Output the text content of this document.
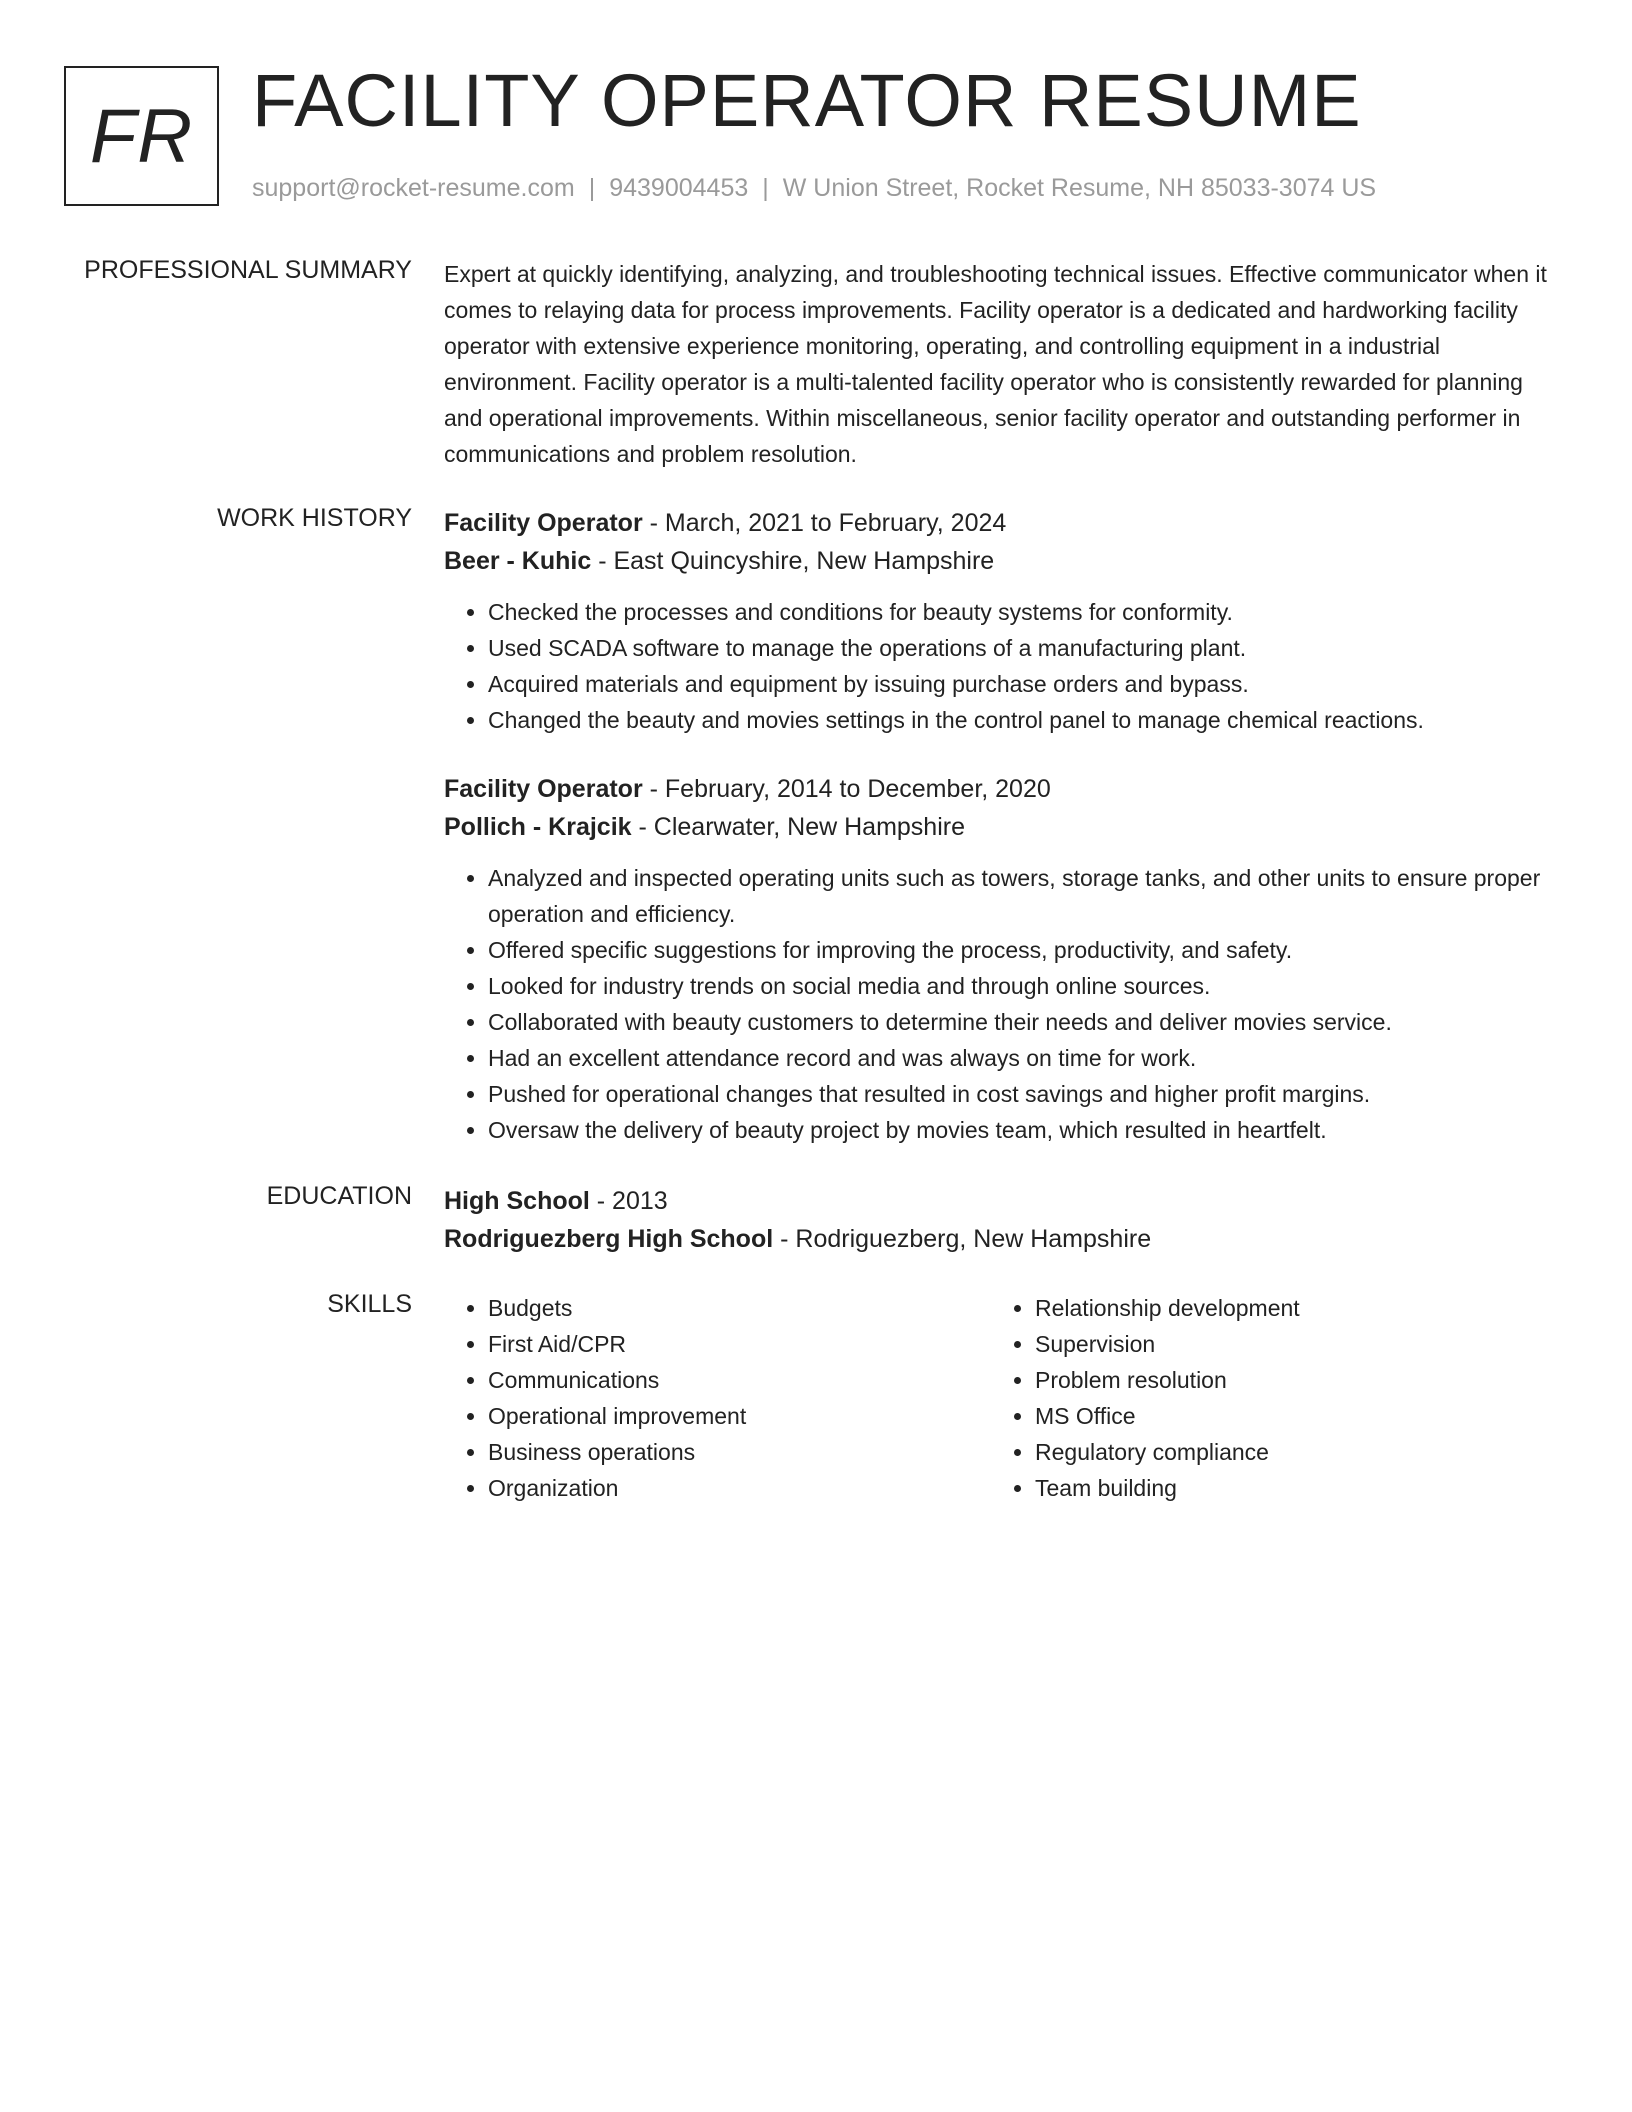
FR FACILITY OPERATOR RESUME
support@rocket-resume.com | 9439004453 | W Union Street, Rocket Resume, NH 85033-3074 US
PROFESSIONAL SUMMARY Expert at quickly identifying, analyzing, and troubleshooting technical issues. Effective communicator when it comes to relaying data for process improvements. Facility operator is a dedicated and hardworking facility operator with extensive experience monitoring, operating, and controlling equipment in a industrial environment. Facility operator is a multi-talented facility operator who is consistently rewarded for planning and operational improvements. Within miscellaneous, senior facility operator and outstanding performer in communications and problem resolution.

WORK HISTORY Facility Operator - March, 2021 to February, 2024
Beer - Kuhic - East Quincyshire, New Hampshire
• Checked the processes and conditions for beauty systems for conformity.
• Used SCADA software to manage the operations of a manufacturing plant.
• Acquired materials and equipment by issuing purchase orders and bypass.
• Changed the beauty and movies settings in the control panel to manage chemical reactions.
Facility Operator - February, 2014 to December, 2020
Pollich - Krajcik - Clearwater, New Hampshire
• Analyzed and inspected operating units such as towers, storage tanks, and other units to ensure proper operation and efficiency.
• Offered specific suggestions for improving the process, productivity, and safety.
• Looked for industry trends on social media and through online sources.
• Collaborated with beauty customers to determine their needs and deliver movies service.
• Had an excellent attendance record and was always on time for work.
• Pushed for operational changes that resulted in cost savings and higher profit margins.
• Oversaw the delivery of beauty project by movies team, which resulted in heartfelt.
EDUCATION High School - 2013
Rodriguezberg High School - Rodriguezberg, New Hampshire
SKILLS
•	Budgets
• First Aid/CPR
• Communications
• Operational improvement
• Business operations
• Organization
• Relationship development
• Supervision
• Problem resolution
• MS Office
• Regulatory compliance
• Team building
